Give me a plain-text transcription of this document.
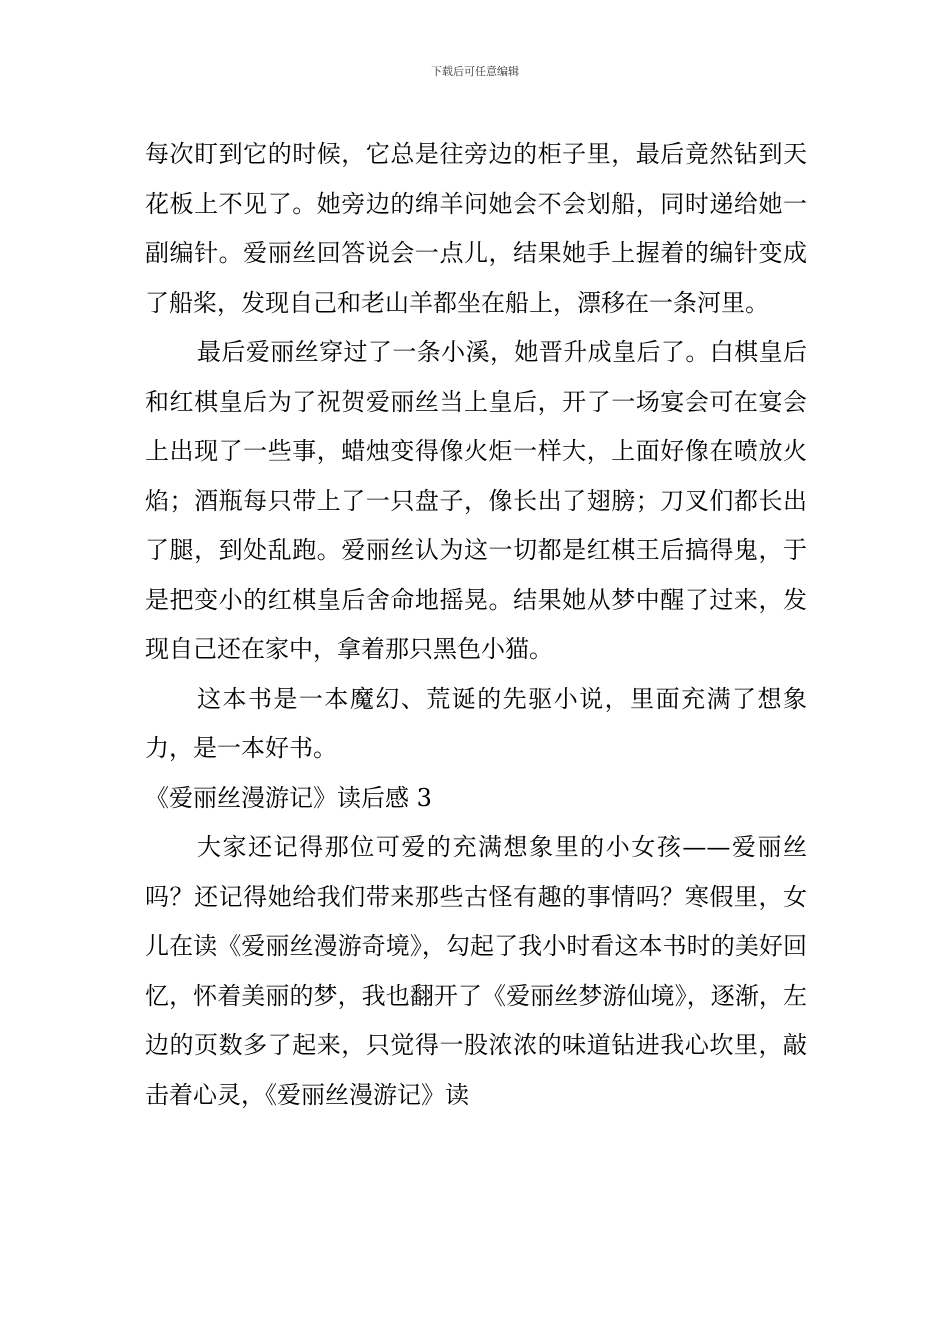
下载后可任意编辑

每次盯到它的时候，它总是往旁边的柜子里，最后竟然钻到天花板上不见了。她旁边的绵羊问她会不会划船，同时递给她一副编针。爱丽丝回答说会一点儿，结果她手上握着的编针变成了船桨，发现自己和老山羊都坐在船上，漂移在一条河里。

最后爱丽丝穿过了一条小溪，她晋升成皇后了。白棋皇后和红棋皇后为了祝贺爱丽丝当上皇后，开了一场宴会可在宴会上出现了一些事，蜡烛变得像火炬一样大，上面好像在喷放火焰；酒瓶每只带上了一只盘子，像长出了翅膀；刀叉们都长出了腿，到处乱跑。爱丽丝认为这一切都是红棋王后搞得鬼，于是把变小的红棋皇后舍命地摇晃。结果她从梦中醒了过来，发现自己还在家中，拿着那只黑色小猫。

这本书是一本魔幻、荒诞的先驱小说，里面充满了想象力，是一本好书。

《爱丽丝漫游记》读后感 3

大家还记得那位可爱的充满想象里的小女孩——爱丽丝吗？还记得她给我们带来那些古怪有趣的事情吗？寒假里，女儿在读《爱丽丝漫游奇境》，勾起了我小时看这本书时的美好回忆，怀着美丽的梦，我也翻开了《爱丽丝梦游仙境》，逐渐，左边的页数多了起来，只觉得一股浓浓的味道钻进我心坎里，敲击着心灵，《爱丽丝漫游记》读
